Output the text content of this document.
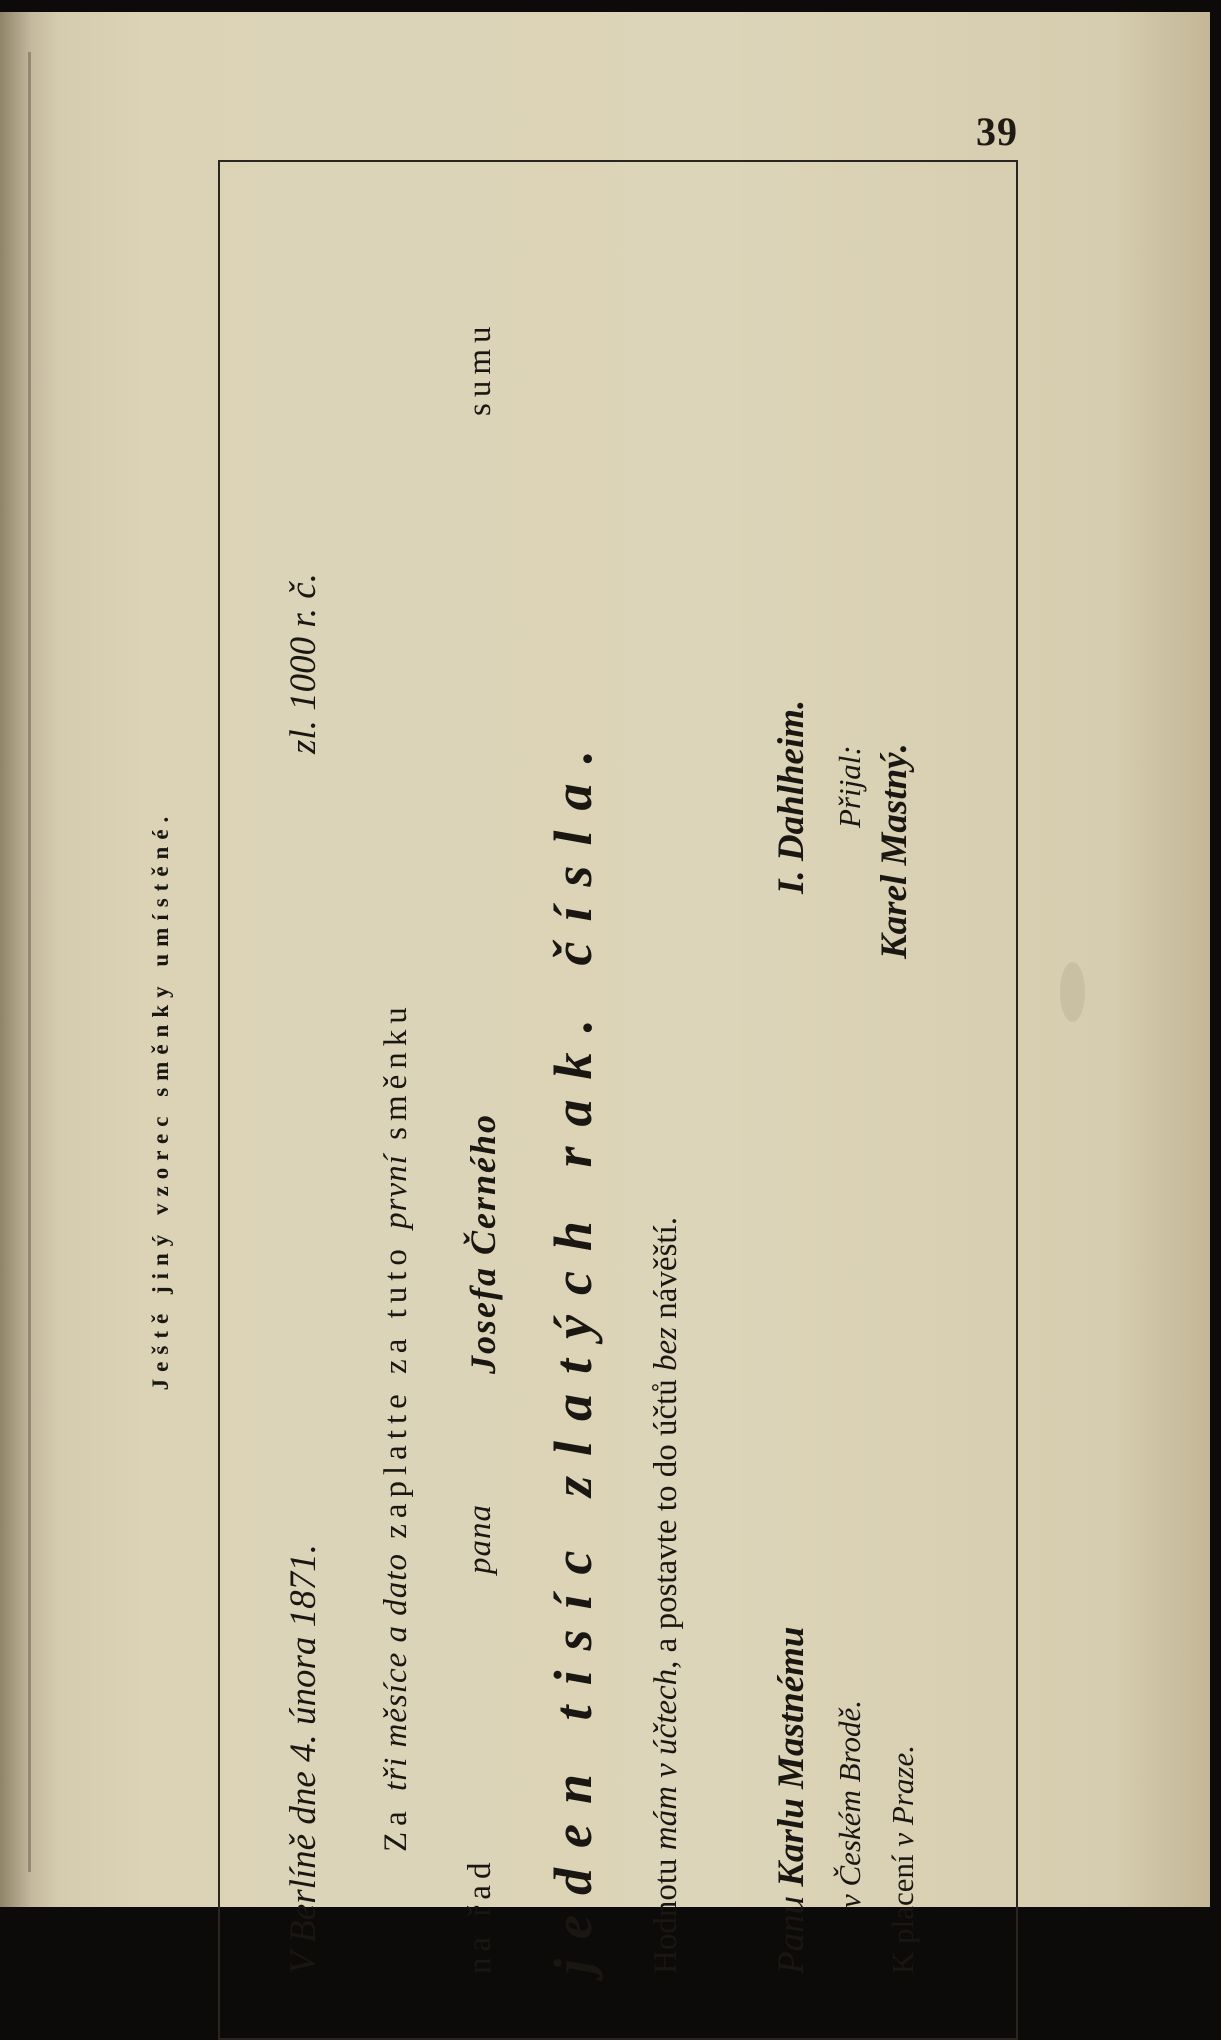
39
Ještě jiný vzorec směnky umístěné.
V Berlíně dne 4. února 1871.
zl. 1000 r. č.
Za tři měsíce a dato zaplatte za tuto první směnku
na řad
pana
Josefa Černého
sumu
jeden tisíc zlatých rak. čísla. Hodnotu mám v účtech, a postavte to do účtů bez návěští.
Panu Karlu Mastnému
I. Dahlheim.
v Českém Brodě.
Přijal:
K placení v Praze.
Karel Mastný.
